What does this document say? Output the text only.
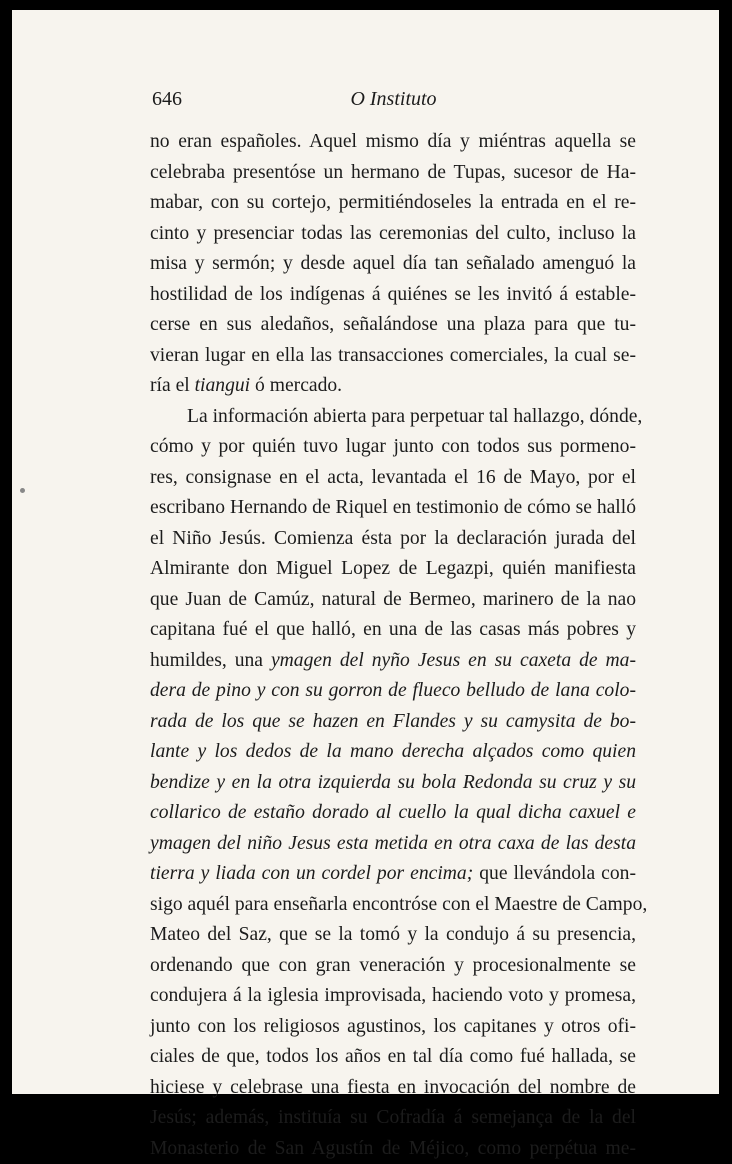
646	O Instituto
no eran españoles. Aquel mismo día y miéntras aquella se
celebraba presentóse un hermano de Tupas, sucesor de Ha-
mabar, con su cortejo, permitiéndoseles la entrada en el re-
cinto y presenciar todas las ceremonias del culto, incluso la
misa y sermón; y desde aquel día tan señalado amenguó la
hostilidad de los indígenas á quiénes se les invitó á estable-
cerse en sus aledaños, señalándose una plaza para que tu-
vieran lugar en ella las transacciones comerciales, la cual se-
ría el tiangui ó mercado.
La información abierta para perpetuar tal hallazgo, dónde,
cómo y por quién tuvo lugar junto con todos sus pormeno-
res, consignase en el acta, levantada el 16 de Mayo, por el
escribano Hernando de Riquel en testimonio de cómo se halló
el Niño Jesús. Comienza ésta por la declaración jurada del
Almirante don Miguel Lopez de Legazpi, quién manifiesta
que Juan de Camúz, natural de Bermeo, marinero de la nao
capitana fué el que halló, en una de las casas más pobres y
humildes, una ymagen del nyño Jesus en su caxeta de ma-
dera de pino y con su gorron de flueco belludo de lana colo-
rada de los que se hazen en Flandes y su camysita de bo-
lante y los dedos de la mano derecha alçados como quien
bendize y en la otra izquierda su bola Redonda su cruz y su
collarico de estaño dorado al cuello la qual dicha caxuel e
ymagen del niño Jesus esta metida en otra caxa de las desta
tierra y liada con un cordel por encima; que llevándola con-
sigo aquél para enseñarla encontróse con el Maestre de Campo,
Mateo del Saz, que se la tomó y la condujo á su presencia,
ordenando que con gran veneración y procesionalmente se
condujera á la iglesia improvisada, haciendo voto y promesa,
junto con los religiosos agustinos, los capitanes y otros ofi-
ciales de que, todos los años en tal día como fué hallada, se
hiciese y celebrase una fiesta en invocación del nombre de
Jesús; además, instituía su Cofradía á semejança de la del
Monasterio de San Agustín de Méjico, como perpétua me-
